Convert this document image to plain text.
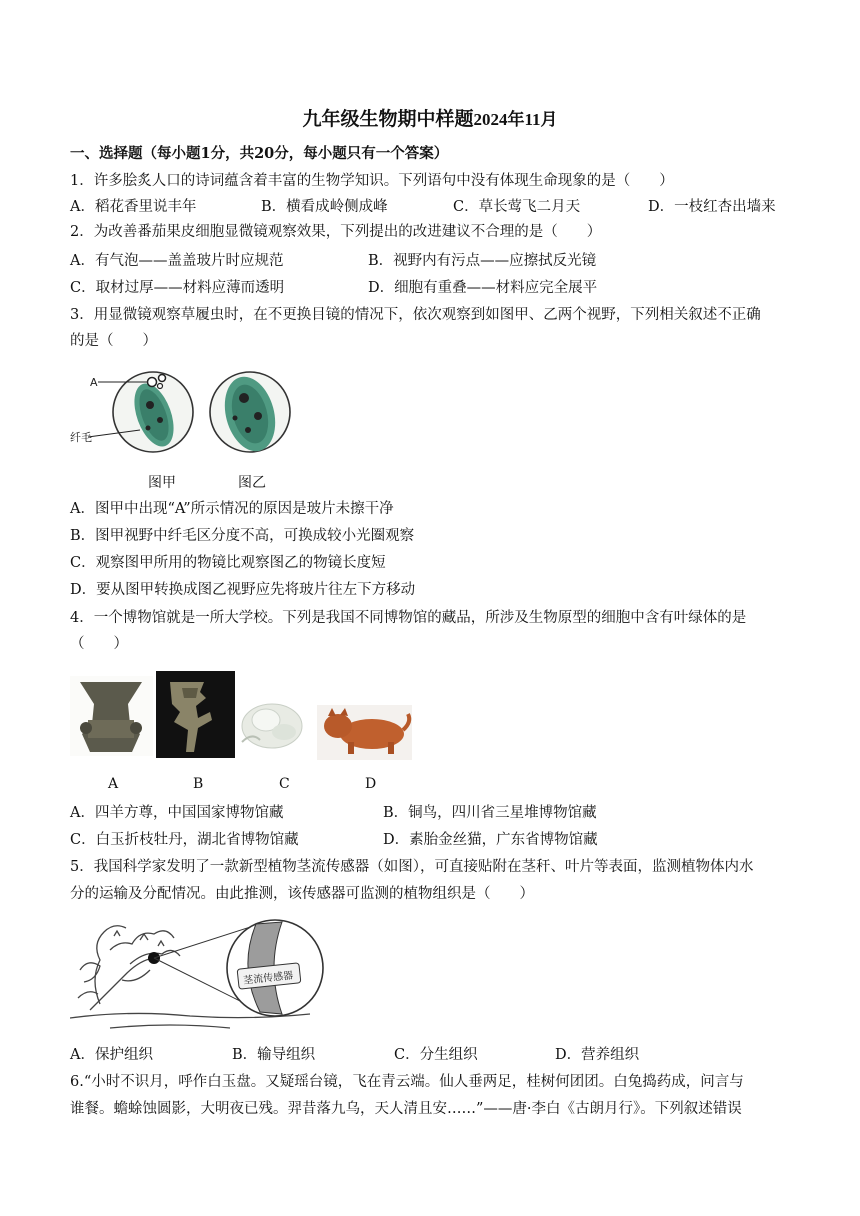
九年级生物期中样题2024年11月
一、选择题（每小题1分，共20分，每小题只有一个答案）
1．许多脍炙人口的诗词蕴含着丰富的生物学知识。下列语句中没有体现生命现象的是（　　）
A．稻花香里说丰年	B．横看成岭侧成峰	C．草长莺飞二月天	D．一枝红杏出墙来
2．为改善番茄果皮细胞显微镜观察效果，下列提出的改进建议不合理的是（　　）
A．有气泡——盖盖玻片时应规范	B．视野内有污点——应擦拭反光镜
C．取材过厚——材料应薄而透明	D．细胞有重叠——材料应完全展平
3．用显微镜观察草履虫时，在不更换目镜的情况下，依次观察到如图甲、乙两个视野，下列相关叙述不正确
的是（　　）
A
纤毛
图甲	图乙
A．图甲中出现“A”所示情况的原因是玻片未擦干净
B．图甲视野中纤毛区分度不高，可换成较小光圈观察
C．观察图甲所用的物镜比观察图乙的物镜长度短
D．要从图甲转换成图乙视野应先将玻片往左下方移动
4．一个博物馆就是一所大学校。下列是我国不同博物馆的藏品，所涉及生物原型的细胞中含有叶绿体的是
（　　）
A	B	C	D
A．四羊方尊，中国国家博物馆藏	B．铜鸟，四川省三星堆博物馆藏
C．白玉折枝牡丹，湖北省博物馆藏	D．素胎金丝猫，广东省博物馆藏
5．我国科学家发明了一款新型植物茎流传感器（如图），可直接贴附在茎秆、叶片等表面，监测植物体内水
分的运输及分配情况。由此推测，该传感器可监测的植物组织是（　　）
茎流传感器
A．保护组织	B．输导组织	C．分生组织	D．营养组织
6.“小时不识月，呼作白玉盘。又疑瑶台镜，飞在青云端。仙人垂两足，桂树何团团。白兔捣药成，问言与
谁餐。蟾蜍蚀圆影，大明夜已残。羿昔落九乌，天人清且安……”——唐·李白《古朗月行》。下列叙述错误
